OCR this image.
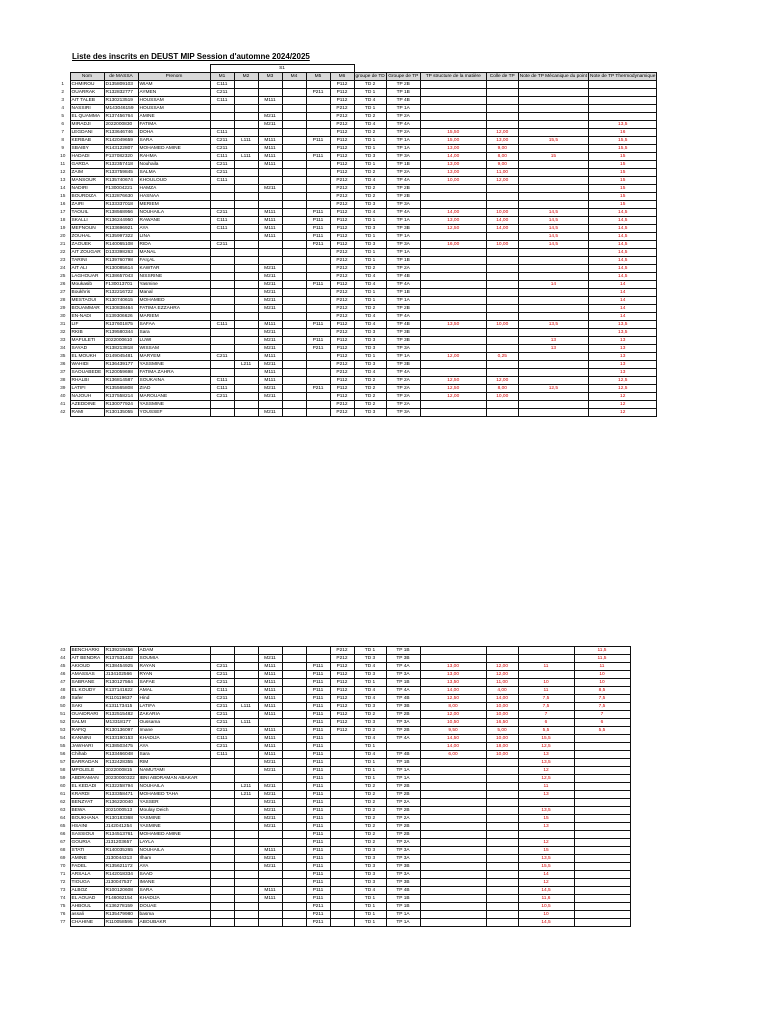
Liste des inscrits en DEUST MIP Session d'automne 2024/2025
				S1											
	Nom	de MASSA	Prenom	M1	M2	M3	M4	M5	M6	groupe de TD	Groupe de TP	TP structure de la matière	Colle de TP	Note de TP Mécanique du point	Note de TP Thermodynamique
1	CHMIROU	D135809103	WIAM	C111					P112	TD 2	TP 2B				
2	OUARRAK	R132832777	AYMEN	C211				P211	P112	TD 1	TP 1B				
3	AIT TALEB	R130213519	HOUSSAM	C111		M111			P112	TD 4	TP 4B				
4	NASSIRI	M143046159	HOUSSAM						P212	TD 1	TP 1A				
5	EL QUAMMA	R137456764	AMINE			M211			P212	TD 2	TP 2A				
6	MIRADJI	2022000830	FATIMA			M211			P212	TD 4	TP 4A				13,5
7	LEGDANI	R133646746	DOHA	C111					P112	TD 2	TP 2A	15,50	12,00		16
8	KERBAB	R142049659	SARA	C211	L111	M111		P111	P112	TD 1	TP 1A	15,00	13,00	15,5	15,5
9	SBAIBY	R143122807	MOHAMED AMINE	C211		M111			P112	TD 1	TP 1A	13,00	9,00		15,5
10	HADADI	P137082320	RAHMA	C111	L111	M111		P111	P112	TD 3	TP 3A	14,00	8,00	15	15
11	GARDA	R132357418	Nouhaila	C211		M111			P112	TD 1	TP 1B	13,00	9,00		15
12	ZAIM	R133759845	SALMA	C211					P112	TD 2	TP 2A	13,00	11,00		15
13	MANSOUR	R135740674	KHOULOUD	C111					P212	TD 4	TP 4A	10,00	12,00		15
14	NADIRI	F130004221	HAMZA			M211			P212	TD 2	TP 2B				15
15	BOURDIZA	R132876630	HASNAA						P212	TD 2	TP 2B				15
16	ZAIRI	R133337018	MERIEM						P212	TD 3	TP 3A				15
17	TAOUIL	R138568956	NOUHAILA	C211		M111		P111	P112	TD 4	TP 4A	14,00	10,00	14,5	14,5
18	SKALLI	R136244950	RAWANE	C111		M111		P111	P112	TD 1	TP 1A	13,00	14,00	14,5	14,5
19	MEFNOUN	R133696921	AYA	C111		M111		P111	P112	TD 3	TP 3B	12,50	14,00	14,5	14,5
20	ZOUHAL	R135997322	LINA			M111		P111	P112	TD 1	TP 1A			14,5	14,5
21	ZAOUEK	R140065108	RIDA	C211				P211	P112	TD 3	TP 3A	16,00	10,00	14,5	14,5
22	AIT ZOUGAR	D133398263	MANAL						P212	TD 1	TP 1A				14,5
23	TARINI	R139760798	FAIçAL						P212	TD 1	TP 1B				14,5
24	AIT ALI	R130085614	KAWTAR			M211			P212	TD 2	TP 2A				14,5
25	LAGHOUAR	R138657043	NISSRINE			M211			P212	TD 4	TP 4B				14,5
26	Moukasib	F130013701	Yasmine			M211		P111	P112	TD 4	TP 4A			14	14
27	Boukhris	R132216722	Manal			M211			P212	TD 1	TP 1B				14
28	MESTAOUI	R130740615	MOHAMED			M211			P212	TD 1	TP 1A				14
29	BOUAMMAR	R130838464	FATIMA EZZAHRA			M211			P212	TD 2	TP 2B				14
30	EN-NADI	S139306626	MARIEM						P212	TD 4	TP 4A				14
31	LIF	R137601875	SAFAA	C111		M111		P111	P112	TD 4	TP 4B	13,50	10,00	13,5	13,5
32	RKIB	R139580344	Sara			M211			P212	TD 3	TP 3B				13,5
33	MAFULETI	2022000610	LUWI			M211		P111	P112	TD 3	TP 3B			13	13
34	SAYAD	R138213818	WISSAM			M211		P211	P112	TD 3	TP 3A			13	13
35	EL MOUKH	D149045481	MARYEM	C211		M111			P112	TD 1	TP 1A	12,00	0,25		13
36	WAHIDI	R136439177	YASSMINE		L211	M211			P212	TD 3	TP 3B				13
37	SAOUABEDE	R120059698	FATIMA ZAHRA			M111			P212	TD 4	TP 4A				13
38	RHALBI	R136814587	SOUKAINA	C111		M111			P112	TD 2	TP 2A	12,50	12,00		12,5
39	LATIFI	R135565808	ZIAD	C111		M211		P211	P112	TD 2	TP 2A	12,50	8,00	12,5	12,5
40	NAJOUH	R137558214	MAROUANE	C211		M211			P112	TD 2	TP 2A	12,00	10,00		12
41	AZEDDINE	R130077924	YASSMINE						P212	TD 2	TP 2A				12
42	RAMI	R130135055	YOUSSEF			M211			P212	TD 3	TP 3A				12
43	BENCHARKI	R139219456	ADAM						P212	TD 1	TP 1B				11,5
44	AIT BENDRA	R137531402	SOUMIA			M211			P212	TD 3	TP 3B				11,5
45	AKIOUD	R138454925	RAYAN	C211		M111		P111	P112	TD 4	TP 4A	13,00	12,00	11	11
46	AMASSAS	J134102566	RYAN	C211		M111		P111	P112	TD 3	TP 3A	13,00	12,00		10
47	SABRANE	R130127564	SAFAE	C211		M111		P111	P112	TD 1	TP 1B	13,50	11,00	10	10
48	EL KOUDY	K137141622	AMAL	C111		M111		P111	P112	TD 4	TP 4A	14,00	4,00	11	8,5
49	Safer	R110119637	Hind	C211		M111		P111	P112	TD 4	TP 4B	12,50	14,00	7,5	7,5
50	SAKI	K131173415	LATIFA	C211	L111	M111		P111	P112	TD 3	TP 3B	8,00	10,00	7,5	7,5
51	OUAIDRARI	R132515482	ZAKARIA	C211		M111		P111	P112	TD 2	TP 2B	12,00	10,00	7	7
52	SALMI	M13318177	Oussama	C211	L111			P111	P112	TD 3	TP 3A	10,50	16,50	6	6
53	RAFIQ	R130136097	Imane	C211		M111		P111	P112	TD 2	TP 2B	9,50	5,00	5,5	5,5
54	KANNINI	R133190153	KHADIJA	C111		M111		P111		TD 4	TP 4A	14,50	10,00	15,5	
55	JAWHARI	R138503475	AYA	C211		M111		P111		TD 1		14,00	18,00	12,5	
56	Chihab	R133466048	Sara	C111		M111		P111		TD 4	TP 4B	6,00	10,00	13	
57	BARRADAN	R132428355	RIM			M211		P111		TD 1	TP 1B			13,5	
58	MPOLELE	2022000815	NAMUTAMI			M211		P111		TD 1	TP 1A			12	
59	ABDRAMAN	20230000322	IBNI ABDRAMAN ABAKAR					P111		TD 1	TP 1A			12,5	
60	EL KEDADI	R132258794	NOUHAILA		L211	M211		P111		TD 2	TP 2B			11	
61	KRARDI	R133358471	MOHAMED TAHA		L211	M211		P111		TD 2	TP 2B			13	
62	BENZYAT	R136220040	YASSER			M211		P111		TD 2	TP 2A				
63	BEWA	2021000513	Moulay Deich			M211		P111		TD 2	TP 2B			13,5	
64	BOUKHANA	R130183368	YASMINE			M211		P111		TD 2	TP 2A			15	
65	HSAINI	J142041254	YASMINE			M211		P111		TD 2	TP 2B			13	
66	SASSIOUI	R134513761	MOHAMED AMINE					P111		TD 2	TP 2B				
67	GOURIA	J131203657	LAYLA					P111		TD 2	TP 2A			12	
68	STATI	R140035265	NOUHAILA			M111		P111		TD 3	TP 3A			15	
69	AMINE	J130044313	Ilham			M211		P111		TD 3	TP 3A			13,5	
70	FADEL	R135621172	AYA			M211		P111		TD 3	TP 3B			15,5	
71	ARSALA	R142018334	SAAD					P111		TD 3	TP 3A			14	
72	TIOUGA	J130047537	IMANE					P111		TD 3	TP 3B			12	
73	ALBOZ	R100120608	SARA			M111		P111		TD 4	TP 4B			14,5	
74	EL AOUAD	F146062154	KHADIJA			M111		P111		TD 1	TP 1B			11,6	
75	AHBOUL	K136278159	DOUAE					P211		TD 1	TP 1B			10,5	
76	assali	R135479980	basma					P211		TD 1	TP 1A			10	
77	CHAHINE	R110058595	ABOUBAKR					P211		TD 1	TP 1A			14,5	
